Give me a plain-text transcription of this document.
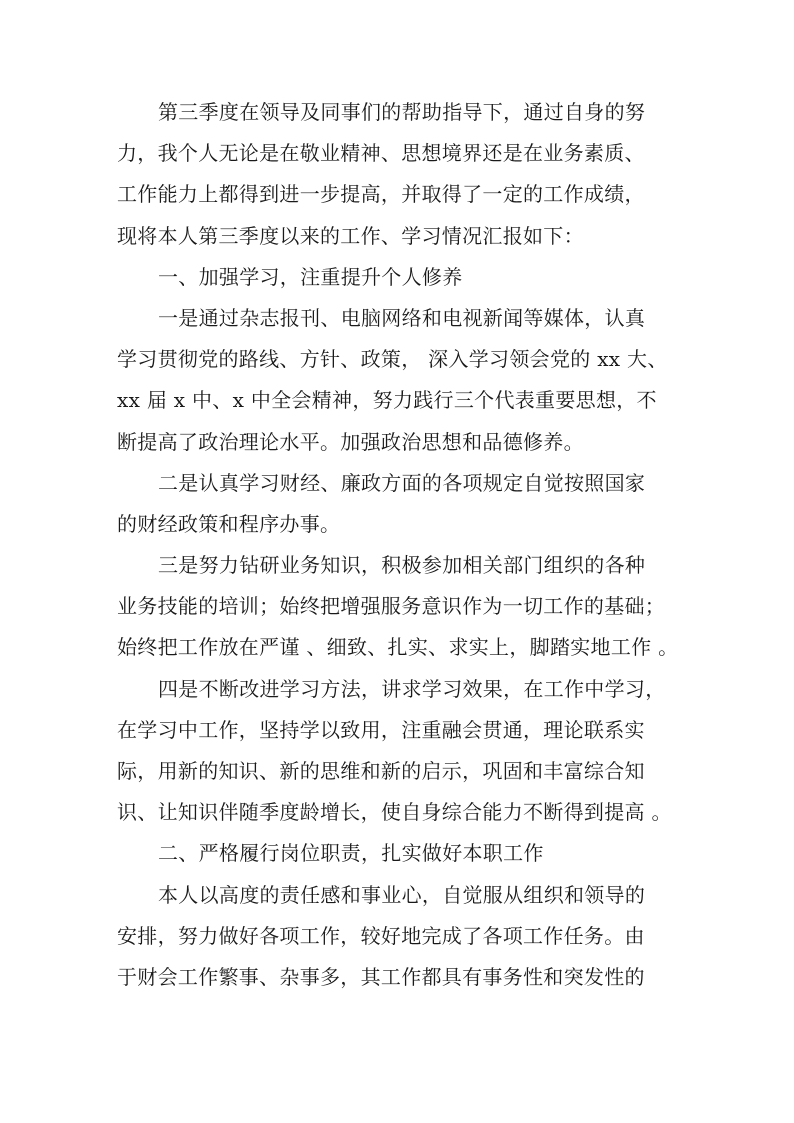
第三季度在领导及同事们的帮助指导下，通过自身的努
力，我个人无论是在敬业精神、思想境界还是在业务素质、
工作能力上都得到进一步提高，并取得了一定的工作成绩，
现将本人第三季度以来的工作、学习情况汇报如下：
一、加强学习，注重提升个人修养
一是通过杂志报刊、电脑网络和电视新闻等媒体，认真
学习贯彻党的路线、方针、政策， 深入学习领会党的 xx 大、
xx 届 x 中、x 中全会精神，努力践行三个代表重要思想，不
断提高了政治理论水平。加强政治思想和品德修养。
二是认真学习财经、廉政方面的各项规定自觉按照国家
的财经政策和程序办事。
三是努力钻研业务知识，积极参加相关部门组织的各种
业务技能的培训；始终把增强服务意识作为一切工作的基础；
始终把工作放在严谨 、细致、扎实、求实上，脚踏实地工作 。
四是不断改进学习方法，讲求学习效果，在工作中学习，
在学习中工作，坚持学以致用，注重融会贯通，理论联系实
际，用新的知识、新的思维和新的启示，巩固和丰富综合知
识、让知识伴随季度龄增长，使自身综合能力不断得到提高 。
二、严格履行岗位职责，扎实做好本职工作
本人以高度的责任感和事业心，自觉服从组织和领导的
安排，努力做好各项工作，较好地完成了各项工作任务。由
于财会工作繁事、杂事多，其工作都具有事务性和突发性的
